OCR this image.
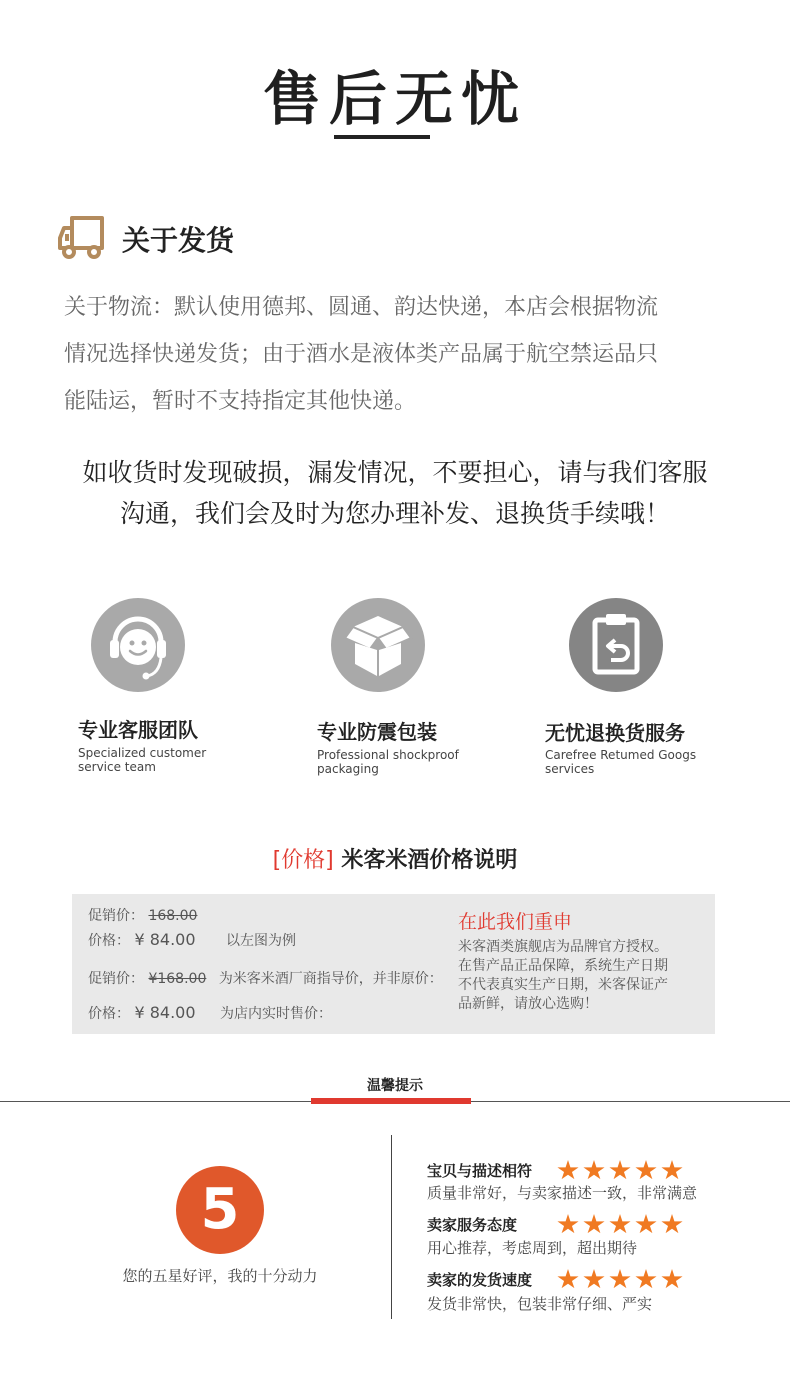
售后无忧
关于发货
关于物流：默认使用德邦、圆通、韵达快递，本店会根据物流
情况选择快递发货；由于酒水是液体类产品属于航空禁运品只
能陆运，暂时不支持指定其他快递。
如收货时发现破损，漏发情况，不要担心，请与我们客服
沟通，我们会及时为您办理补发、退换货手续哦！
专业客服团队
Specialized customer
service team
专业防震包装
Professional shockproof
packaging
无忧退换货服务
Carefree Retumed Googs
services
[价格] 米客米酒价格说明
促销价： 168.00
价格： ¥ 84.00 以左图为例
促销价： ¥168.00 为米客米酒厂商指导价，并非原价：
价格： ¥ 84.00 为店内实时售价：
在此我们重申
米客酒类旗舰店为品牌官方授权。
在售产品正品保障，系统生产日期
不代表真实生产日期，米客保证产
品新鲜，请放心选购！
温馨提示
5
您的五星好评，我的十分动力
宝贝与描述相符
质量非常好，与卖家描述一致，非常满意
卖家服务态度
用心推荐，考虑周到，超出期待
卖家的发货速度
发货非常快，包装非常仔细、严实
